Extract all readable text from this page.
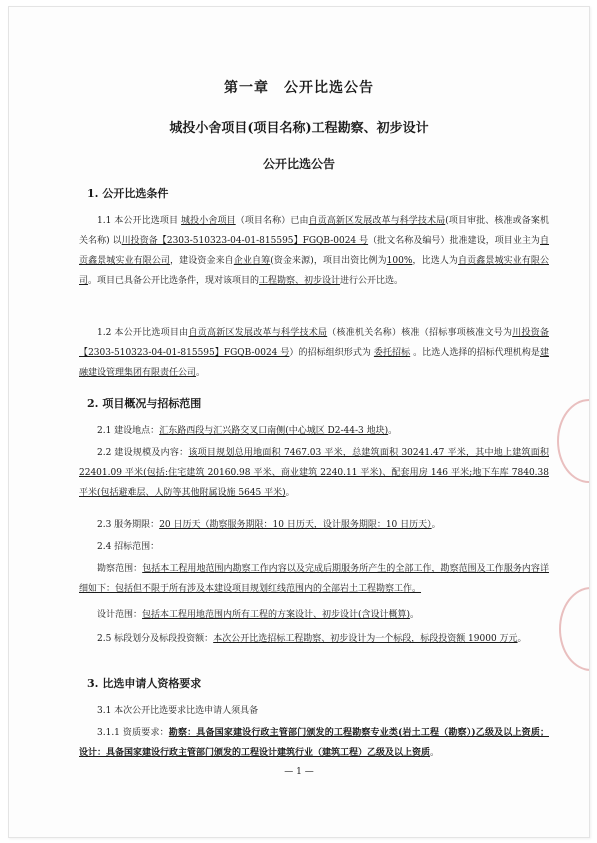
第一章　公开比选公告
城投小舍项目(项目名称)工程勘察、初步设计
公开比选公告
1. 公开比选条件
1.1 本公开比选项目 城投小舍项目（项目名称）已由自贡高新区发展改革与科学技术局(项目审批、核准或备案机关名称) 以川投资备【2303-510323-04-01-815595】FGQB-0024 号（批文名称及编号）批准建设，项目业主为自贡鑫景城实业有限公司，建设资金来自企业自筹(资金来源)，项目出资比例为100%，比选人为自贡鑫景城实业有限公司。项目已具备公开比选条件，现对该项目的工程勘察、初步设计进行公开比选。
1.2 本公开比选项目由自贡高新区发展改革与科学技术局（核准机关名称）核准（招标事项核准文号为川投资备【2303-510323-04-01-815595】FGQB-0024 号）的招标组织形式为 委托招标 。比选人选择的招标代理机构是建融建设管理集团有限责任公司。
2. 项目概况与招标范围
2.1 建设地点：汇东路西段与汇兴路交叉口南侧(中心城区 D2-44-3 地块)。
2.2 建设规模及内容：该项目规划总用地面积 7467.03 平米，总建筑面积 30241.47 平米，其中地上建筑面积 22401.09 平米(包括:住宅建筑 20160.98 平米、商业建筑 2240.11 平米)、配套用房 146 平米;地下车库 7840.38 平米(包括避难层、人防等其他附属设施 5645 平米)。
2.3 服务期限：20 日历天（勘察服务期限：10 日历天，设计服务期限：10 日历天）。
2.4 招标范围：
勘察范围：包括本工程用地范围内勘察工作内容以及完成后期服务所产生的全部工作，勘察范围及工作服务内容详细如下：包括但不限于所有涉及本建设项目规划红线范围内的全部岩土工程勘察工作。
设计范围：包括本工程用地范围内所有工程的方案设计、初步设计(含设计概算)。
2.5 标段划分及标段投资额：本次公开比选招标工程勘察、初步设计为一个标段，标段投资额 19000 万元。
3. 比选申请人资格要求
3.1 本次公开比选要求比选申请人须具备
3.1.1 资质要求：勘察：具备国家建设行政主管部门颁发的工程勘察专业类(岩土工程（勘察）)乙级及以上资质；设计：具备国家建设行政主管部门颁发的工程设计建筑行业（建筑工程）乙级及以上资质。
— 1 —
